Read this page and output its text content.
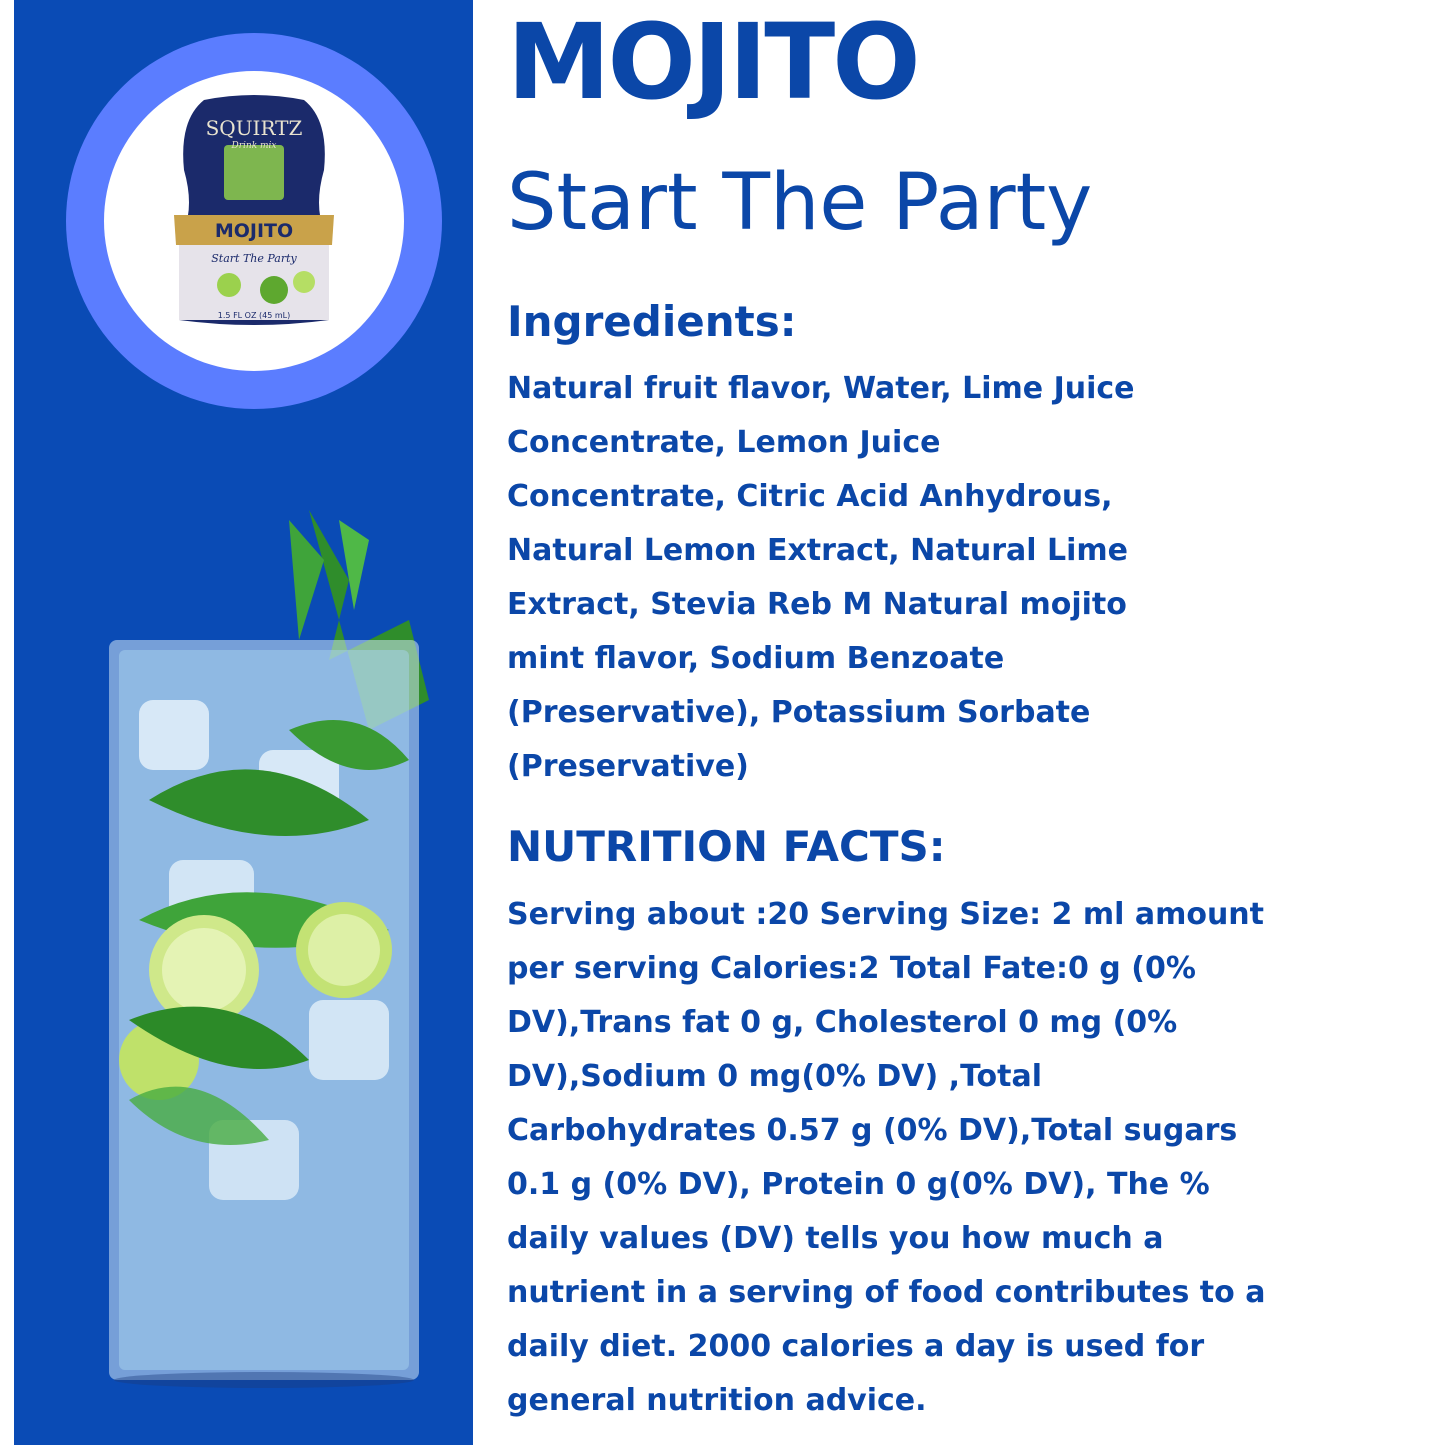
SQUIRTZ
Drink mix
MOJITO
Start The Party
1.5 FL OZ (45 mL)
MOJITO
Start The Party
Ingredients:
Natural fruit flavor, Water, Lime Juice
Concentrate, Lemon Juice
Concentrate, Citric Acid Anhydrous,
Natural Lemon Extract, Natural Lime
Extract, Stevia Reb M Natural mojito
mint flavor, Sodium Benzoate
(Preservative), Potassium Sorbate
(Preservative)
NUTRITION FACTS:
Serving about :20 Serving Size: 2 ml amount
per serving Calories:2 Total Fate:0 g (0%
DV),Trans fat 0 g, Cholesterol 0 mg (0%
DV),Sodium 0 mg(0% DV) ,Total
Carbohydrates 0.57 g (0% DV),Total sugars
0.1 g (0% DV), Protein 0 g(0% DV), The %
daily values (DV) tells you how much a
nutrient in a serving of food contributes to a
daily diet. 2000 calories a day is used for
general nutrition advice.
